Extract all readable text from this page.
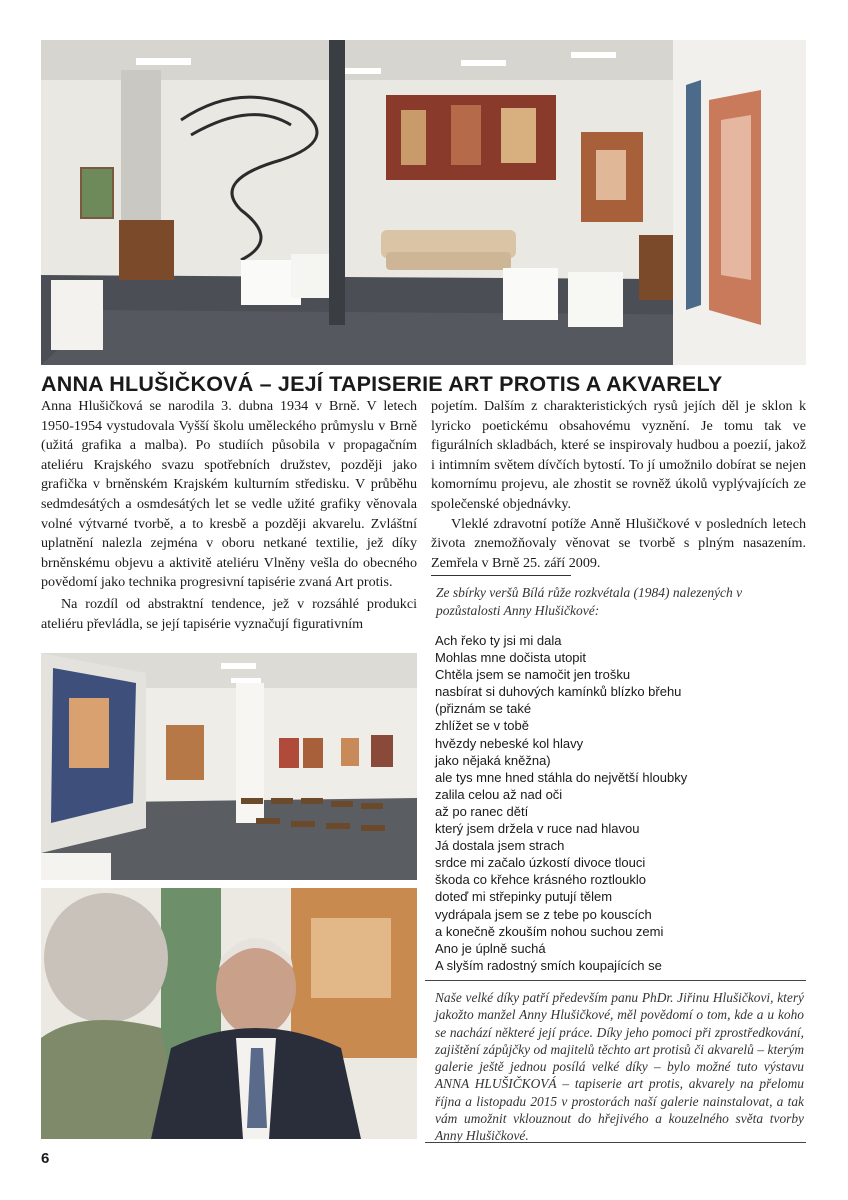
ANNA HLUŠIČKOVÁ – JEJÍ TAPISERIE ART PROTIS A AKVARELY

Anna Hlušičková se narodila 3. dubna 1934 v Brně. V letech 1950-1954 vystudovala Vyšší školu uměleckého průmyslu v Brně (užitá grafika a malba). Po studiích působila v propagačním ateliéru Krajského svazu spotřebních družstev, později jako grafička v brněnském Krajském kulturním středisku. V průběhu sedmdesátých a osmdesátých let se vedle užité grafiky věnovala volné výtvarné tvorbě, a to kresbě a později akvarelu. Zvláštní uplatnění nalezla zejména v oboru netkané textilie, jež díky brněnskému objevu a aktivitě ateliéru Vlněny vešla do obecného povědomí jako technika progresivní tapisérie zvaná Art protis.

Na rozdíl od abstraktní tendence, jež v rozsáhlé produkci ateliéru převládla, se její tapisérie vyznačují figurativním

pojetím. Dalším z charakteristických rysů jejích děl je sklon k lyricko poetickému obsahovému vyznění. Je tomu tak ve figurálních skladbách, které se inspirovaly hudbou a poezií, jakož i intimním světem dívčích bytostí. To jí umožnilo dobírat se nejen komornímu projevu, ale zhostit se rovněž úkolů vyplývajících ze společenské objednávky.

Vleklé zdravotní potíže Anně Hlušičkové v posledních letech života znemožňovaly věnovat se tvorbě s plným nasazením. Zemřela v Brně 25. září 2009.

Ze sbírky veršů Bílá růže rozkvétala (1984) nalezených v pozůstalosti Anny Hlušičkové:
Ach řeko ty jsi mi dala
Mohlas mne dočista utopit
Chtěla jsem se namočit jen trošku
nasbírat si duhových kamínků blízko břehu
(přiznám se také
zhlížet se v tobě
hvězdy nebeské kol hlavy
jako nějaká kněžna)
ale tys mne hned stáhla do největší hloubky
zalila celou až nad oči
až po ranec dětí
který jsem držela v ruce nad hlavou
Já dostala jsem strach
srdce mi začalo úzkostí divoce tlouci
škoda co křehce krásného roztlouklo
doteď mi střepinky putují tělem
vydrápala jsem se z tebe po kouscích
a konečně zkouším nohou suchou zemi
Ano je úplně suchá
A slyším radostný smích koupajících se
Naše velké díky patří především panu PhDr. Jiřinu Hlušičkovi, který jakožto manžel Anny Hlušičkové, měl povědomí o tom, kde a u koho se nachází některé její práce. Díky jeho pomoci při zprostředkování, zajištění zápůjčky od majitelů těchto art protisů či akvarelů – kterým galerie ještě jednou posílá velké díky – bylo možné tuto výstavu ANNA HLUŠIČKOVÁ – tapiserie art protis, akvarely na přelomu října a listopadu 2015 v prostorách naší galerie nainstalovat, a tak vám umožnit vklouznout do hřejivého a kouzelného světa tvorby Anny Hlušičkové.
6
